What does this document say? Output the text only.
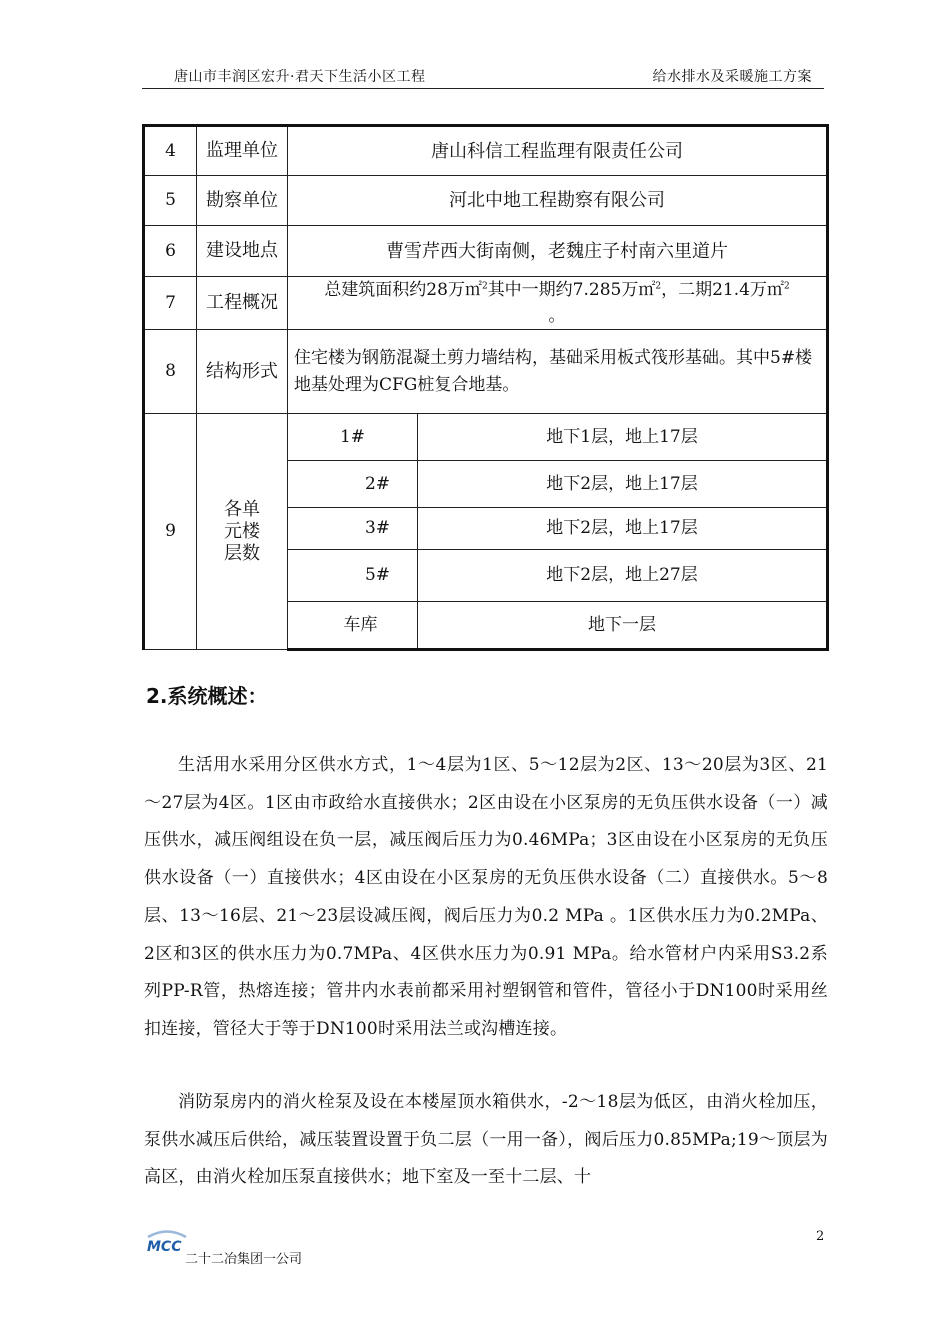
唐山市丰润区宏升·君天下生活小区工程	给水排水及采暖施工方案
4	监理单位	唐山科信工程监理有限责任公司	
5	勘察单位	河北中地工程勘察有限公司	
6	建设地点	曹雪芹西大街南侧，老魏庄子村南六里道片	
7	工程概况	总建筑面积约28万㎡$^2$其中一期约7.285万㎡$^2$，二期21.4万㎡$^2$
。	
8	结构形式	住宅楼为钢筋混凝土剪力墙结构，基础采用板式筏形基础。其中5#楼地基处理为CFG桩复合地基。	
9	各单元楼层数	1#	地下1层，地上17层
		2#	地下2层，地上17层
		3#	地下2层，地上17层
		5#	地下2层，地上27层
		车库	地下一层
2.系统概述：

生活用水采用分区供水方式，1～4层为1区、5～12层为2区、13～20层为3区、21～27层为4区。1区由市政给水直接供水；2区由设在小区泵房的无负压供水设备（一）减压供水，减压阀组设在负一层，减压阀后压力为0.46MPa；3区由设在小区泵房的无负压供水设备（一）直接供水；4区由设在小区泵房的无负压供水设备（二）直接供水。5～8层、13～16层、21～23层设减压阀，阀后压力为0.2 MPa 。1区供水压力为0.2MPa、2区和3区的供水压力为0.7MPa、4区供水压力为0.91 MPa。给水管材户内采用S3.2系列PP-R管，热熔连接；管井内水表前都采用衬塑钢管和管件，管径小于DN100时采用丝扣连接，管径大于等于DN100时采用法兰或沟槽连接。

消防泵房内的消火栓泵及设在本楼屋顶水箱供水，-2～18层为低区，由消火栓加压，泵供水减压后供给，减压装置设置于负二层（一用一备），阀后压力0.85MPa;19～顶层为高区，由消火栓加压泵直接供水；地下室及一至十二层、十

2
MCC
二十二冶集团一公司
